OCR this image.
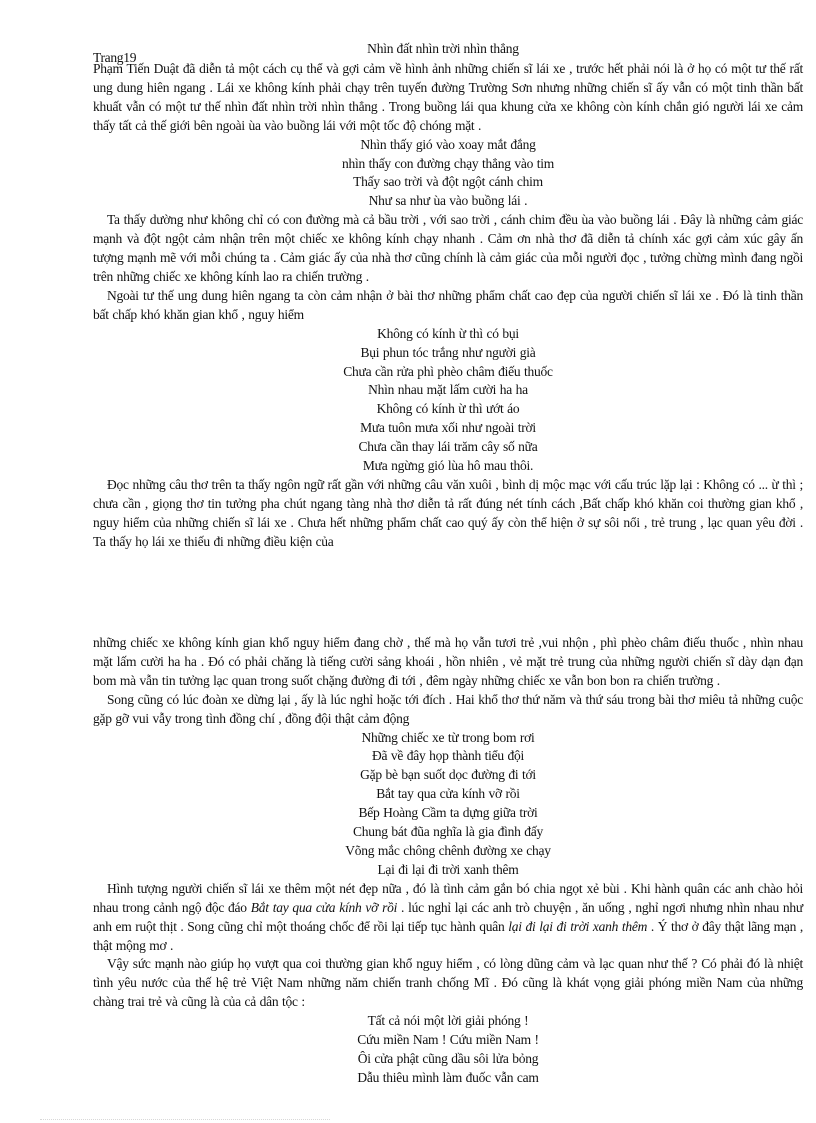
Trang19
Nhìn đất nhìn trời nhìn thẳng

Phạm Tiến Duật đã diễn tả một cách cụ thể và gợi cảm về hình ảnh những chiến sĩ lái xe , trước hết phải nói là ở họ có một tư thế rất ung dung hiên ngang . Lái xe không kính phải chạy trên tuyến đường Trường Sơn nhưng những chiến sĩ ấy vẫn có một tinh thần bất khuất vẫn có một tư thế nhìn đất nhìn trời nhìn thẳng . Trong buồng lái qua khung cửa xe không còn kính chắn gió người lái xe cảm thấy tất cả thế giới bên ngoài ùa vào buồng lái với một tốc độ chóng mặt .

Nhìn thấy gió vào xoay mắt đắng

nhìn thấy con đường chạy thẳng vào tim

Thấy sao trời và đột ngột cánh chim

Như sa như ùa vào buồng lái .

Ta thấy dường như không chỉ có con đường mà cả bầu trời , với sao trời , cánh chim đều ùa vào buồng lái . Đây là những cảm giác mạnh và đột ngột cảm nhận trên một chiếc xe không kính chạy nhanh . Cảm ơn nhà thơ đã diễn tả chính xác gợi cảm xúc gây ấn tượng mạnh mẽ với mỗi chúng ta . Cảm giác ấy của nhà thơ cũng chính là cảm giác của mỗi người đọc , tưởng chừng mình đang ngồi trên những chiếc xe không kính lao ra chiến trường .

Ngoài tư thế ung dung hiên ngang ta còn cảm nhận ở bài thơ những phẩm chất cao đẹp của người chiến sĩ lái xe . Đó là tinh thần bất chấp khó khăn gian khổ , nguy hiểm

Không có kính ừ thì có bụi

Bụi phun tóc trắng như người già

Chưa cần rửa phì phèo châm điếu thuốc

Nhìn nhau mặt lấm cười ha ha

Không có kính ừ thì ướt áo

Mưa tuôn mưa xối như ngoài trời

Chưa cần thay lái trăm cây số nữa

Mưa ngừng gió lùa hô mau thôi.

Đọc những câu thơ trên ta thấy ngôn ngữ rất gần với những câu văn xuôi , bình dị mộc mạc với cấu trúc lặp lại : Không có ... ừ thì ; chưa cần , giọng thơ tin tưởng pha chút ngang tàng nhà thơ diễn tả rất đúng nét tính cách ,Bất chấp khó khăn coi thường gian khổ , nguy hiểm của những chiến sĩ lái xe . Chưa hết những phẩm chất cao quý ấy còn thể hiện ở sự sôi nổi , trẻ trung , lạc quan yêu đời . Ta thấy họ lái xe thiếu đi những điều kiện của

những chiếc xe không kính gian khổ nguy hiểm đang chờ , thế mà họ vẫn tươi trẻ ,vui nhộn , phì phèo châm điếu thuốc , nhìn nhau mặt lấm cười ha ha . Đó có phải chăng là tiếng cười sảng khoái , hồn nhiên , vẻ mặt trẻ trung của những người chiến sĩ dày dạn đạn bom mà vẫn tin tưởng lạc quan trong suốt chặng đường đi tới , đêm ngày những chiếc xe vẫn bon bon ra chiến trường .

Song cũng có lúc đoàn xe dừng lại , ấy là lúc nghỉ hoặc tới đích . Hai khổ thơ thứ năm và thứ sáu trong bài thơ miêu tả những cuộc gặp gỡ vui vẫy trong tình đồng chí , đồng đội thật cảm động

Những chiếc xe từ trong bom rơi

Đã về đây họp thành tiểu đội

Gặp bè bạn suốt dọc đường đi tới

Bắt tay qua cửa kính vỡ rồi

Bếp Hoàng Cầm ta dựng giữa trời

Chung bát đũa nghĩa là gia đình đấy

Võng mắc chông chênh đường xe chạy

Lại đi lại đi trời xanh thêm

Hình tượng người chiến sĩ lái xe thêm một nét đẹp nữa , đó là tình cảm gắn bó chia ngọt xẻ bùi . Khi hành quân các anh chào hỏi nhau trong cảnh ngộ độc đáo Bắt tay qua cửa kính vỡ rồi . lúc nghỉ lại các anh trò chuyện , ăn uống , nghỉ ngơi nhưng nhìn nhau như anh em ruột thịt . Song cũng chỉ một thoáng chốc để rồi lại tiếp tục hành quân lại đi lại đi trời xanh thêm . Ý thơ ở đây thật lãng mạn , thật mộng mơ .

Vậy sức mạnh nào giúp họ vượt qua coi thường gian khổ nguy hiểm , có lòng dũng cảm và lạc quan như thế ? Có phải đó là nhiệt tình yêu nước của thế hệ trẻ Việt Nam những năm chiến tranh chống Mĩ . Đó cũng là khát vọng giải phóng miền Nam của những chàng trai trẻ và cũng là của cả dân tộc :

Tất cả nói một lời giải phóng !

Cứu miền Nam ! Cứu miền Nam !

Ôi cửa phật cũng dầu sôi lửa bỏng

Dẫu thiêu mình làm đuốc vẫn cam
